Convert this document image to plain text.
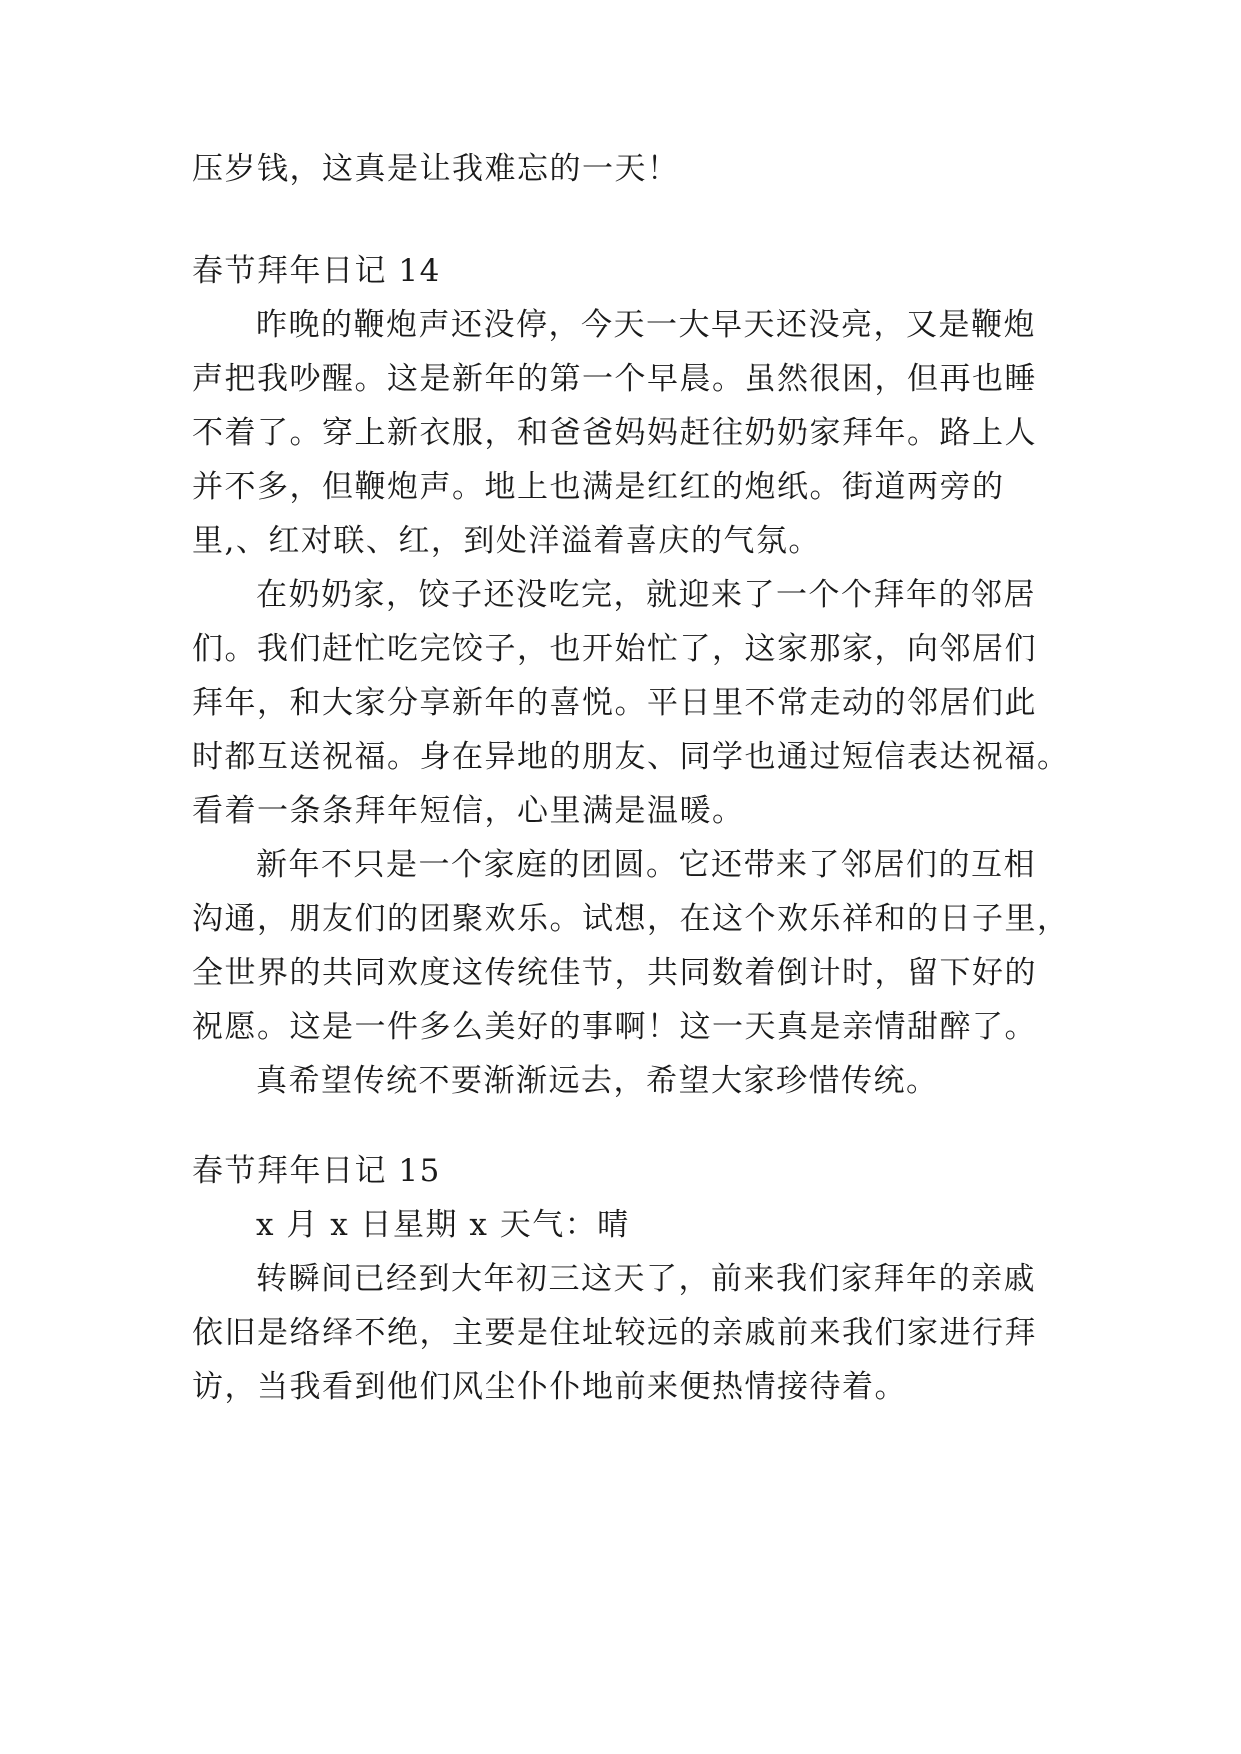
压岁钱，这真是让我难忘的一天！
春节拜年日记 14
昨晚的鞭炮声还没停，今天一大早天还没亮，又是鞭炮
声把我吵醒。这是新年的第一个早晨。虽然很困，但再也睡
不着了。穿上新衣服，和爸爸妈妈赶往奶奶家拜年。路上人
并不多，但鞭炮声。地上也满是红红的炮纸。街道两旁的
里,、红对联、红，到处洋溢着喜庆的气氛。
在奶奶家，饺子还没吃完，就迎来了一个个拜年的邻居
们。我们赶忙吃完饺子，也开始忙了，这家那家，向邻居们
拜年，和大家分享新年的喜悦。平日里不常走动的邻居们此
时都互送祝福。身在异地的朋友、同学也通过短信表达祝福。
看着一条条拜年短信，心里满是温暖。
新年不只是一个家庭的团圆。它还带来了邻居们的互相
沟通，朋友们的团聚欢乐。试想，在这个欢乐祥和的日子里，
全世界的共同欢度这传统佳节，共同数着倒计时，留下好的
祝愿。这是一件多么美好的事啊！这一天真是亲情甜醉了。
真希望传统不要渐渐远去，希望大家珍惜传统。
春节拜年日记 15
x 月 x 日星期 x 天气：晴
转瞬间已经到大年初三这天了，前来我们家拜年的亲戚
依旧是络绎不绝，主要是住址较远的亲戚前来我们家进行拜
访，当我看到他们风尘仆仆地前来便热情接待着。
